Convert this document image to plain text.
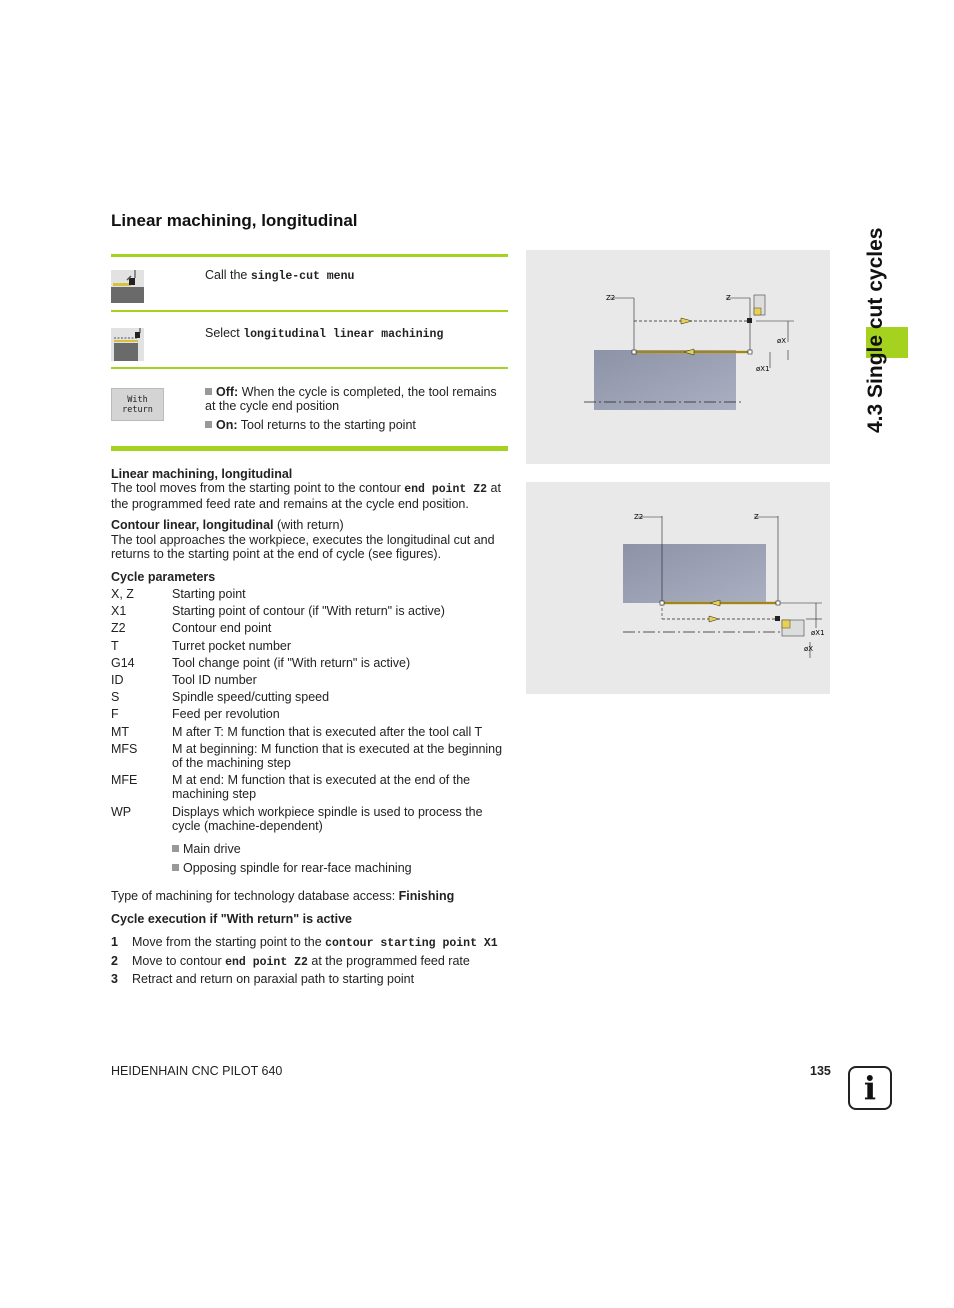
4.3 Single cut cycles
Linear machining, longitudinal
Call the single-cut menu
Select longitudinal linear machining
With
return
Off: When the cycle is completed, the tool remains at the cycle end position
On: Tool returns to the starting point
Linear machining, longitudinal
The tool moves from the starting point to the contour end point Z2 at the programmed feed rate and remains at the cycle end position.
Contour linear, longitudinal (with return)
The tool approaches the workpiece, executes the longitudinal cut and returns to the starting point at the end of cycle (see figures).
Cycle parameters
X, Z	Starting point
X1	Starting point of contour (if "With return" is active)
Z2	Contour end point
T	Turret pocket number
G14	Tool change point (if "With return" is active)
ID	Tool ID number
S	Spindle speed/cutting speed
F	Feed per revolution
MT	M after T: M function that is executed after the tool call T
MFS	M at beginning: M function that is executed at the beginning of the machining step
MFE	M at end: M function that is executed at the end of the machining step
WP	Displays which workpiece spindle is used to process the cycle (machine-dependent)
Main drive
Opposing spindle for rear-face machining
Type of machining for technology database access: Finishing
Cycle execution if "With return" is active
1 Move from the starting point to the contour starting point X1
2 Move to contour end point Z2 at the programmed feed rate
3 Retract and return on paraxial path to starting point
Z2	Z
øX
øX1
Z2	Z
øX1
øX
HEIDENHAIN CNC PILOT 640	135	i
